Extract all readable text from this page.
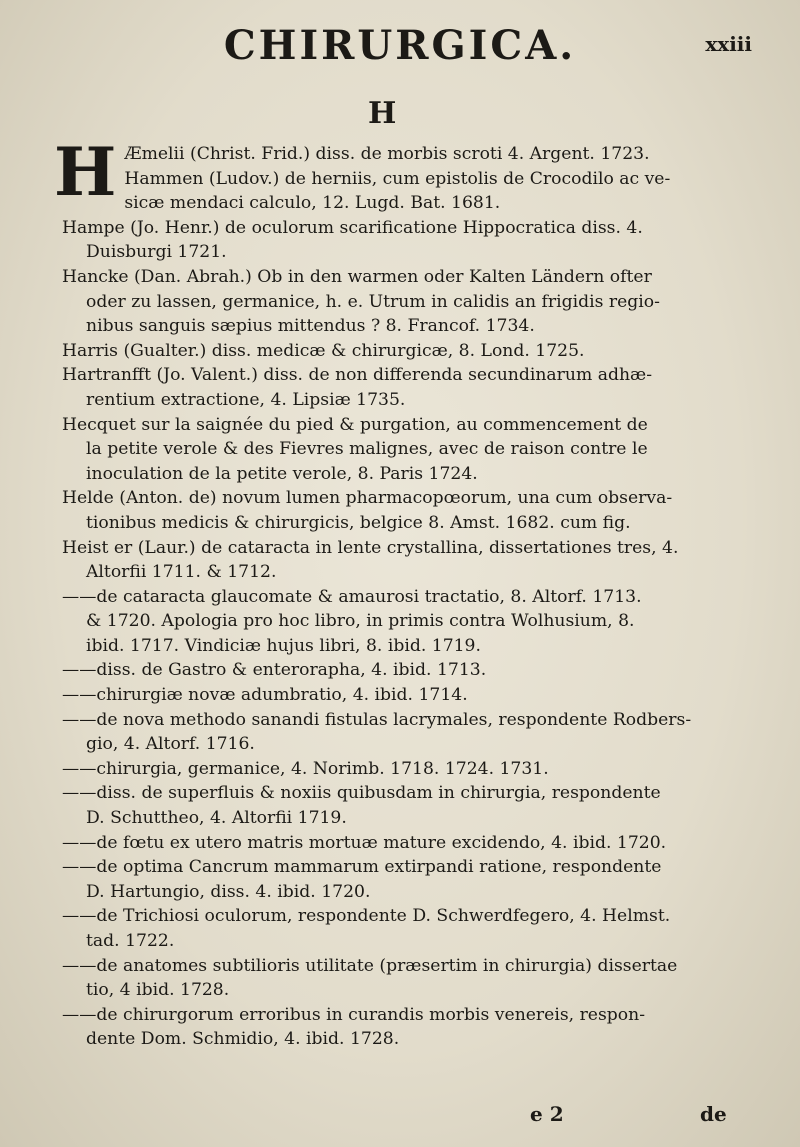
CHIRURGICA.	xxiii
H
H Æmelii (Christ. Frid.) diss. de morbis scroti 4. Argent. 1723.
Hammen (Ludov.) de herniis, cum epistolis de Crocodilo ac ve-
sicæ mendaci calculo, 12. Lugd. Bat. 1681.
Hampe (Jo. Henr.) de oculorum scarificatione Hippocratica diss. 4.
Duisburgi 1721.
Hancke (Dan. Abrah.) Ob in den warmen oder Kalten Ländern ofter
oder zu lassen, germanice, h. e. Utrum in calidis an frigidis regio-
nibus sanguis sæpius mittendus ? 8. Francof. 1734.
Harris (Gualter.) diss. medicæ & chirurgicæ, 8. Lond. 1725.
Hartranfft (Jo. Valent.) diss. de non differenda secundinarum adhæ-
rentium extractione, 4. Lipsiæ 1735.
Hecquet sur la saignée du pied & purgation, au commencement de
la petite verole & des Fievres malignes, avec de raison contre le
inoculation de la petite verole, 8. Paris 1724.
Helde (Anton. de) novum lumen pharmacopœorum, una cum observa-
tionibus medicis & chirurgicis, belgice 8. Amst. 1682. cum fig.
Heist er (Laur.) de cataracta in lente crystallina, dissertationes tres, 4.
Altorfii 1711. & 1712.
——de cataracta glaucomate & amaurosi tractatio, 8. Altorf. 1713.
& 1720. Apologia pro hoc libro, in primis contra Wolhusium, 8.
ibid. 1717. Vindiciæ hujus libri, 8. ibid. 1719.
——diss. de Gastro & enterorapha, 4. ibid. 1713.
——chirurgiæ novæ adumbratio, 4. ibid. 1714.
——de nova methodo sanandi fistulas lacrymales, respondente Rodbers-
gio, 4. Altorf. 1716.
——chirurgia, germanice, 4. Norimb. 1718. 1724. 1731.
——diss. de superfluis & noxiis quibusdam in chirurgia, respondente
D. Schuttheo, 4. Altorfii 1719.
——de fœtu ex utero matris mortuæ mature excidendo, 4. ibid. 1720.
——de optima Cancrum mammarum extirpandi ratione, respondente
D. Hartungio, diss. 4. ibid. 1720.
——de Trichiosi oculorum, respondente D. Schwerdfegero, 4. Helmst.
tad. 1722.
——de anatomes subtilioris utilitate (præsertim in chirurgia) dissertae
tio, 4 ibid. 1728.
——de chirurgorum erroribus in curandis morbis venereis, respon-
dente Dom. Schmidio, 4. ibid. 1728.
e 2	de
